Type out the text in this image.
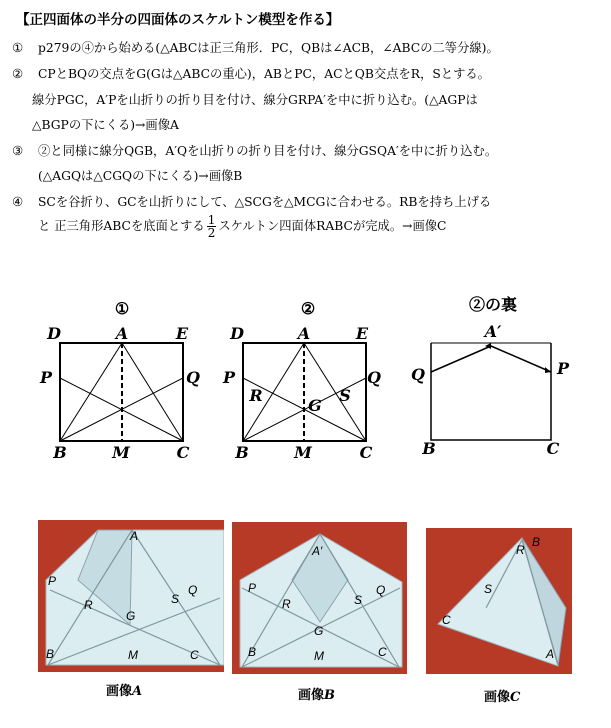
【正四面体の半分の四面体のスケルトン模型を作る】
① p279の④から始める(△ABCは正三角形．PC，QBは∠ACB，∠ABCの二等分線)。
② CPとBQの交点をG(Gは△ABCの重心)，ABとPC，ACとQB交点をR，Sとする。
線分PGC，A′Pを山折りの折り目を付け、線分GRPA′を中に折り込む。(△AGPは
△BGPの下にくる)→画像A
③ ②と同様に線分QGB，A′Qを山折りの折り目を付け、線分GSQA′を中に折り込む。
(△AGQは△CGQの下にくる)→画像B
④ SCを谷折り、GCを山折りにして、△SCGを△MCGに合わせる。RBを持ち上げる
と 正三角形ABCを底面とする $\frac{1}{2}$ スケルトン四面体RABCが完成。→画像C
①
D	A	E
P	Q
B	M	C
②
D	A	E
P	Q
R	S
G
B	M	C
②の裏
A′
Q	P
B	C
A
P
R
G
S
Q
B	M	C
画像A
A′
P
R	S
Q
G
B	M	C
画像B
R
B
S
C
A
画像C
